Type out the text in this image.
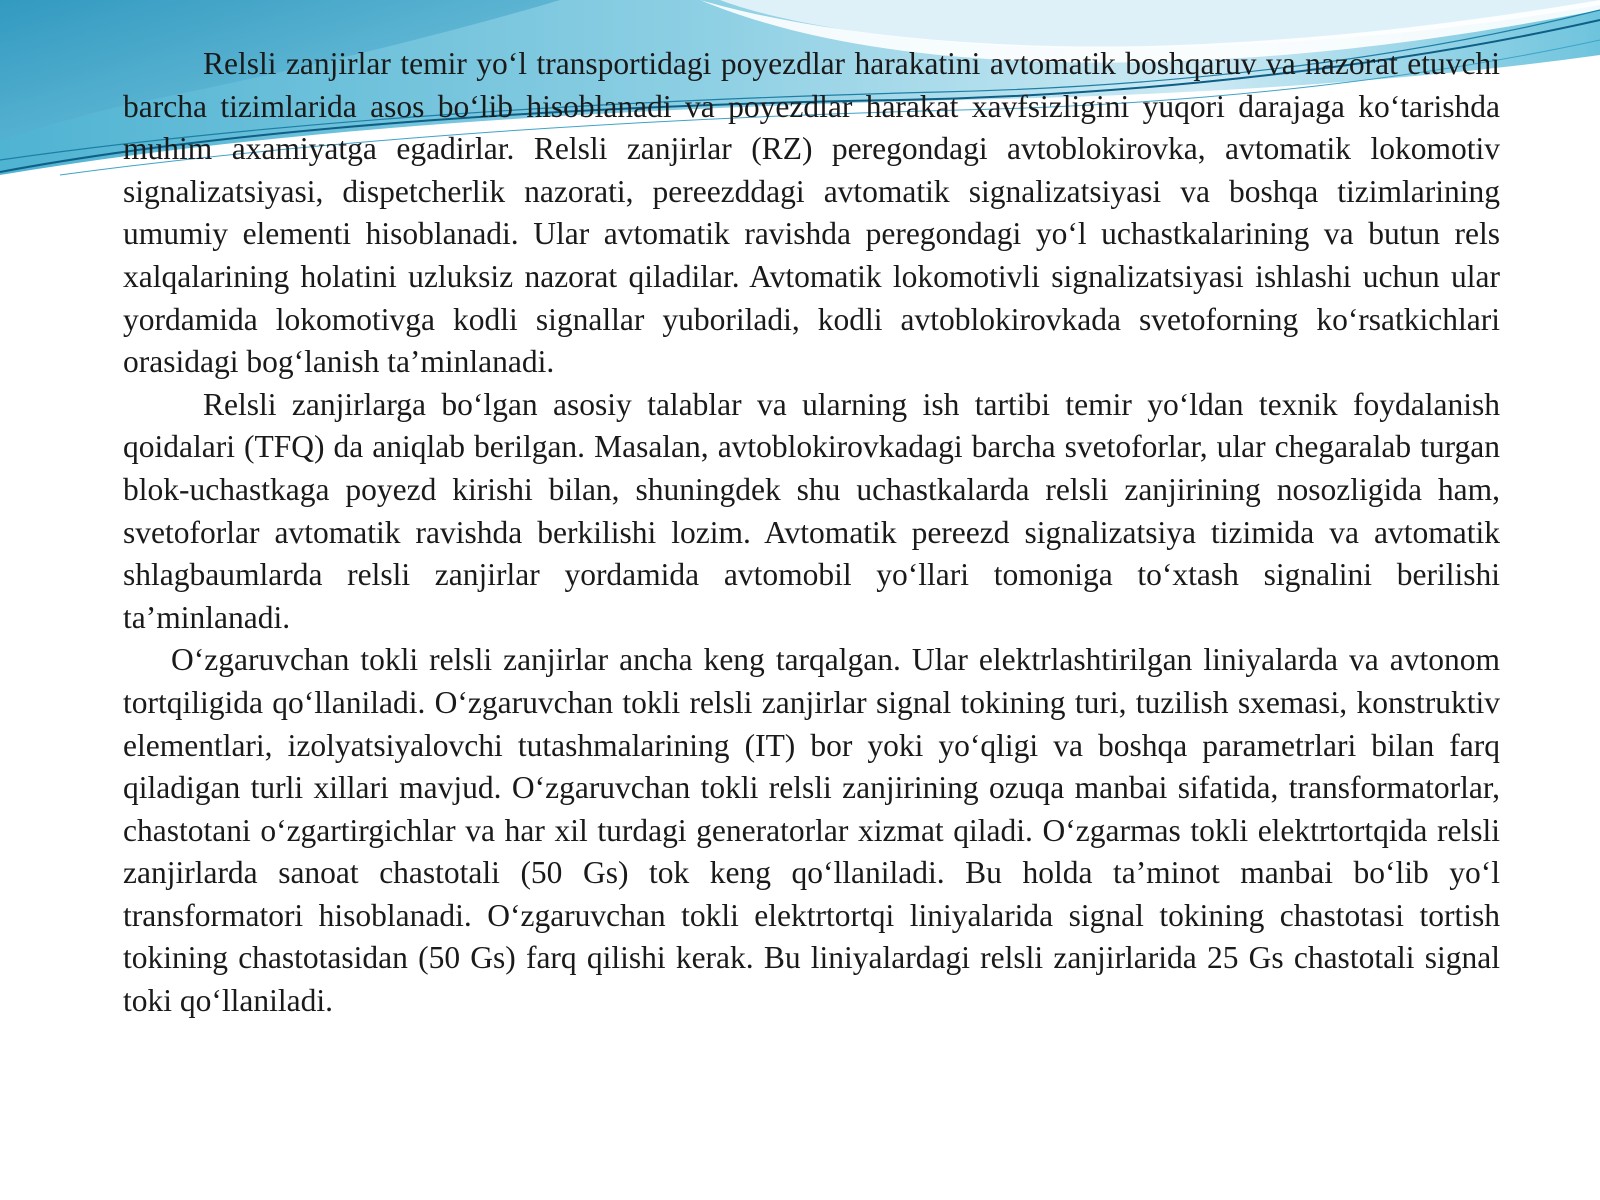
Relsli zanjirlar temir yo‘l transportidagi poyezdlar harakatini avtomatik boshqaruv va nazorat etuvchi barcha tizimlarida asos bo‘lib hisoblanadi va poyezdlar harakat xavfsizligini yuqori darajaga ko‘tarishda muhim axamiyatga egadirlar. Relsli zanjirlar (RZ) peregondagi avtoblokirovka, avtomatik lokomotiv signalizatsiyasi, dispetcherlik nazorati, pereezddagi avtomatik signalizatsiyasi va boshqa tizimlarining umumiy elementi hisoblanadi. Ular avtomatik ravishda peregondagi yo‘l uchastkalarining va butun rels xalqalarining holatini uzluksiz nazorat qiladilar. Avtomatik lokomotivli signalizatsiyasi ishlashi uchun ular yordamida lokomotivga kodli signallar yuboriladi, kodli avtoblokirovkada svetoforning ko‘rsatkichlari orasidagi bog‘lanish ta’minlanadi.

Relsli zanjirlarga bo‘lgan asosiy talablar va ularning ish tartibi temir yo‘ldan texnik foydalanish qoidalari (TFQ) da aniqlab berilgan. Masalan, avtoblokirovkadagi barcha svetoforlar, ular chegaralab turgan blok-uchastkaga poyezd kirishi bilan, shuningdek shu uchastkalarda relsli zanjirining nosozligida ham, svetoforlar avtomatik ravishda berkilishi lozim. Avtomatik pereezd signalizatsiya tizimida va avtomatik shlagbaumlarda relsli zanjirlar yordamida avtomobil yo‘llari tomoniga to‘xtash signalini berilishi ta’minlanadi.

O‘zgaruvchan tokli relsli zanjirlar ancha keng tarqalgan. Ular elektrlashtirilgan liniyalarda va avtonom tortqiligida qo‘llaniladi. O‘zgaruvchan tokli relsli zanjirlar signal tokining turi, tuzilish sxemasi, konstruktiv elementlari, izolyatsiyalovchi tutashmalarining (IT) bor yoki yo‘qligi va boshqa parametrlari bilan farq qiladigan turli xillari mavjud. O‘zgaruvchan tokli relsli zanjirining ozuqa manbai sifatida, transformatorlar, chastotani o‘zgartirgichlar va har xil turdagi generatorlar xizmat qiladi. O‘zgarmas tokli elektrtortqida relsli zanjirlarda sanoat chastotali (50 Gs) tok keng qo‘llaniladi. Bu holda ta’minot manbai bo‘lib yo‘l transformatori hisoblanadi. O‘zgaruvchan tokli elektrtortqi liniyalarida signal tokining chastotasi tortish tokining chastotasidan (50 Gs) farq qilishi kerak. Bu liniyalardagi relsli zanjirlarida 25 Gs chastotali signal toki qo‘llaniladi.
